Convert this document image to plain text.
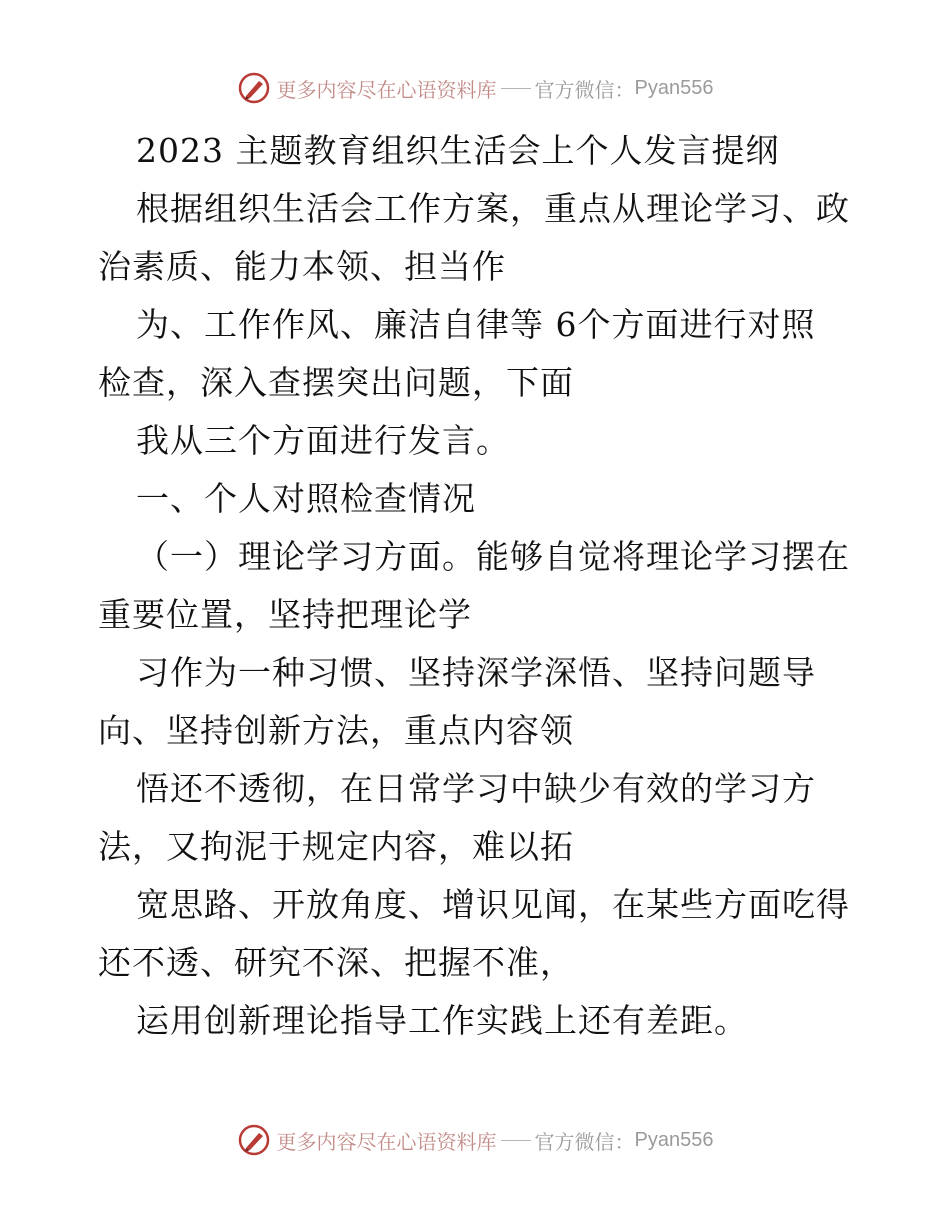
更多内容尽在心语资料库 官方微信： Pyan556
2023 主题教育组织生活会上个人发言提纲
根据组织生活会工作方案，重点从理论学习、政
治素质、能力本领、担当作
为、工作作风、廉洁自律等 6个方面进行对照
检查，深入查摆突出问题，下面
我从三个方面进行发言。
一、个人对照检查情况
（一）理论学习方面。能够自觉将理论学习摆在
重要位置，坚持把理论学
习作为一种习惯、坚持深学深悟、坚持问题导
向、坚持创新方法，重点内容领
悟还不透彻，在日常学习中缺少有效的学习方
法，又拘泥于规定内容，难以拓
宽思路、开放角度、增识见闻，在某些方面吃得
还不透、研究不深、把握不准，
运用创新理论指导工作实践上还有差距。
更多内容尽在心语资料库 官方微信： Pyan556
